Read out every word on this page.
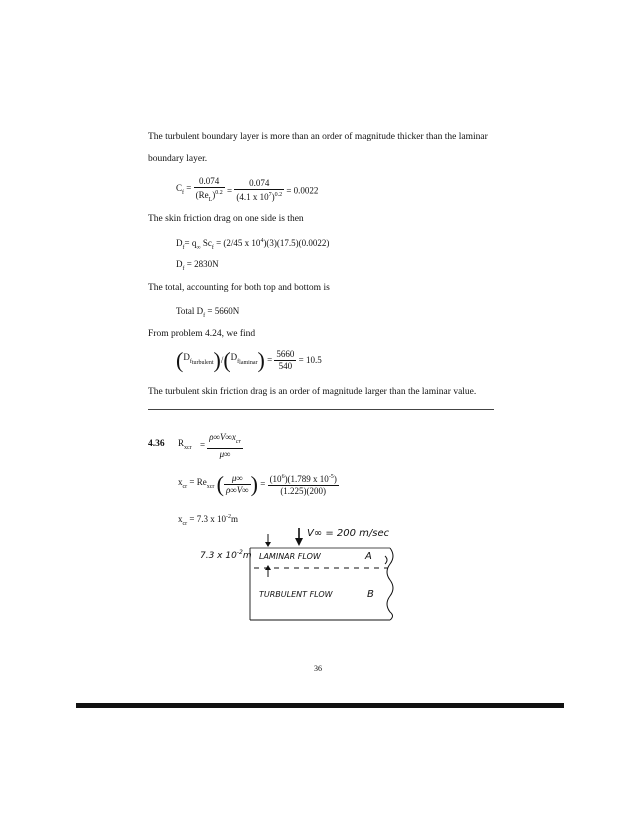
The turbulent boundary layer is more than an order of magnitude thicker than the laminar
boundary layer.
$C_f = \frac{0.074}{(Re_L)^{0.2}} = \frac{0.074}{(4.1 x 10^7)^{0.2}} = 0.0022$
The skin friction drag on one side is then
$D_f= q_\infty$ $Sc_f = (2/45$ x $10^4)(3)(17.5)(0.0022)$
$D_f = 2830N$
The total, accounting for both top and bottom is
Total $D_f = 5660N$
From problem 4.24, we find
$(D_{fturbulent})/(D_{flaminar}) = \frac{5660}{540} = 10.5$
The turbulent skin friction drag is an order of magnitude larger than the laminar value.
4.36 $R_{xcr} = \frac{\rho\infty V\infty x_{cr}}{\mu\infty}$
$x_{cr} = Re_{xcr}$ ( $\frac{\mu\infty}{\rho\infty V\infty}$ ) = $\frac{(10^6)(1.789 x 10^{-5})}{(1.225)(200)}$
$x_{cr} = 7.3$ x $10^{-2}m$
V∞ = 200 m/sec
7.3 x $10^{-2}m$ LAMINAR FLOW	A
TURBULENT FLOW	B
36
